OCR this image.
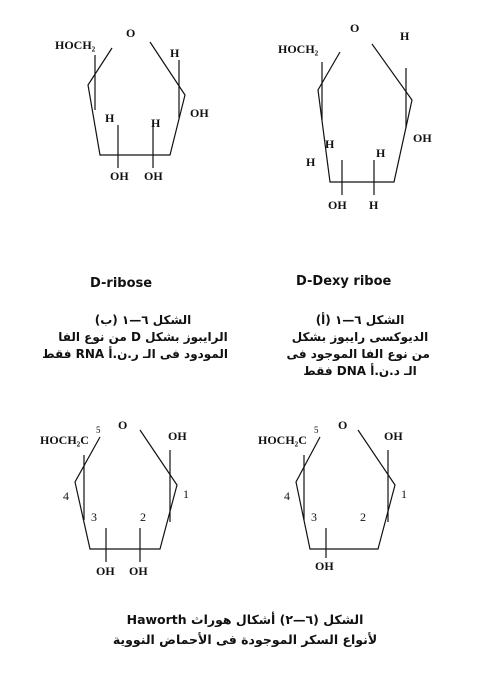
HOCH₂
O
H
OH
H	H
OH OH
HOCH₂
O
H
OH
H
H
H
OH H
HOCH₂C
5 O
OH
4
3	2
1
OH OH
HOCH₂C
5 O
OH
4
3	2
1
OH
D-ribose	D-Dexy riboe
الشكل ٦—١ (ب)
الرايبوز بشكل D من نوع الفا
المودود فى الـ ر.ن.أ RNA فقط
الشكل ٦—١ (أ)
الديوكسى رايبوز بشكل
من نوع الفا الموجود فى
الـ د.ن.أ DNA فقط
الشكل (٦—٢) أشكال هوراث Haworth
لأنواع السكر الموجودة فى الأحماض النووية
